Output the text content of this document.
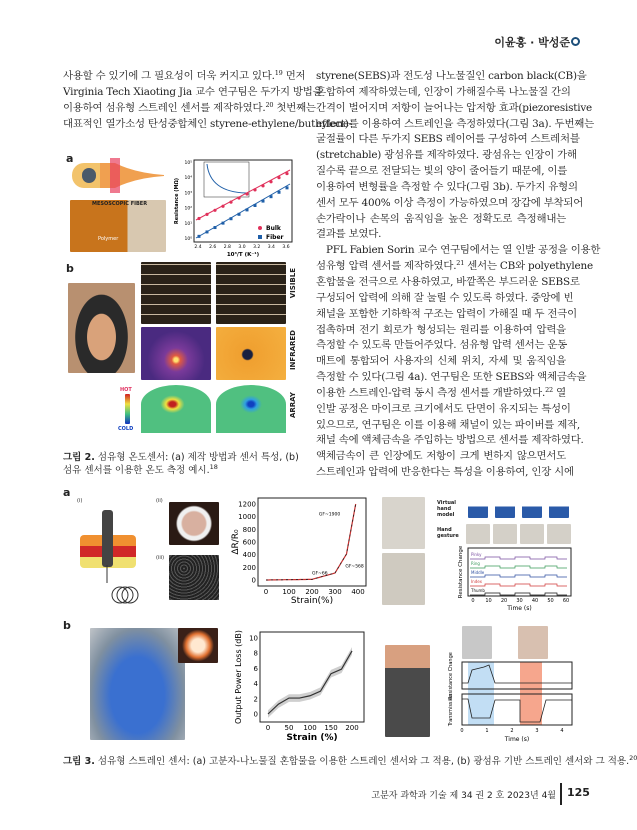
이윤홍 · 박성준
사용할 수 있기에 그 필요성이 더욱 커지고 있다.$^{19}$ 먼저
Virginia Tech Xiaoting Jia 교수 연구팀은 두가지 방법을
이용하여 섬유형 스트레인 센서를 제작하였다.$^{20}$ 첫번째는
대표적인 열가소성 탄성중합체인 styrene-ethylene/buthylene-
styrene(SEBS)과 전도성 나노물질인 carbon black(CB)을
혼합하여 제작하였는데, 인장이 가해질수록 나노물질 간의
간격이 벌어지며 저항이 늘어나는 압저항 효과(piezoresistive
effect)를 이용하여 스트레인을 측정하였다(그림 3a). 두번째는
굴절률이 다른 두가지 SEBS 레이어를 구성하여 스트레처블
(stretchable) 광섬유를 제작하였다. 광섬유는 인장이 가해
질수록 끝으로 전달되는 빛의 양이 줄어들기 때문에, 이를
이용하여 변형률을 측정할 수 있다(그림 3b). 두가지 유형의
센서 모두 400% 이상 측정이 가능하였으며 장갑에 부착되어
손가락이나 손목의 움직임을 높은 정확도로 측정해내는
결과를 보였다.
PFL Fabien Sorin 교수 연구팀에서는 열 인발 공정을 이용한
섬유형 압력 센서를 제작하였다.$^{21}$ 센서는 CB와 polyethylene
혼합물을 전극으로 사용하였고, 바깥쪽은 부드러운 SEBS로
구성되어 압력에 의해 잘 눌릴 수 있도록 하였다. 중앙에 빈
채널을 포함한 기하학적 구조는 압력이 가해질 때 두 전극이
접촉하며 전기 회로가 형성되는 원리를 이용하여 압력을
측정할 수 있도록 만들어주었다. 섬유형 압력 센서는 운동
매트에 통합되어 사용자의 신체 위치, 자세 및 움직임을
측정할 수 있다(그림 4a). 연구팀은 또한 SEBS와 액체금속을
이용한 스트레인-압력 동시 측정 센서를 개발하였다.$^{22}$ 열
인발 공정은 마이크로 크기에서도 단면이 유지되는 특성이
있으므로, 연구팀은 이를 이용해 채널이 있는 파이버를 제작,
채널 속에 액체금속을 주입하는 방법으로 센서를 제작하였다.
액체금속이 큰 인장에도 저항이 크게 변하지 않으면서도
스트레인과 압력에 반응한다는 특성을 이용하여, 인장 시에
a
MESOSCOPIC FIBER
Polymer
10⁵
10⁴
10³
10²
10¹
10⁰
2.4 2.6 2.8 3.0 3.2 3.4 3.6
10³/T (K⁻¹)
Resistance (MΩ)
Bulk
Fiber
b	VISIBLE
INFRARED
ARRAY
HOT
COLD
그림 2. 섬유형 온도센서: (a) 제작 방법과 센서 특성, (b) 섬유 센서를 이용한 온도 측정 예시.$^{18}$
a
(i)	(ii)
(iii)
0
200
400
600
800
1000
1200
0 100 200 300 400
Strain(%)
ΔR/R₀
GF~1900
GF~568
GF~66
Virtual hand model
Hand gesture
Pinky
Ring
Middle
Index
Thumb
0 10 20 30 40 50 60
Time (s)
Resistance Change
b
0
2
4
6
8
10
0 50 100 150 200
Strain (%)
Output Power Loss (dB)	Resistance Change
Transmission
0	1	2	3	4
Time (s)
그림 3. 섬유형 스트레인 센서: (a) 고분자-나노물질 혼합물을 이용한 스트레인 센서와 그 적용, (b) 광섬유 기반 스트레인 센서와 그 적용.$^{20}$
고분자 과학과 기술 제 34 권 2 호 2023년 4월 125
